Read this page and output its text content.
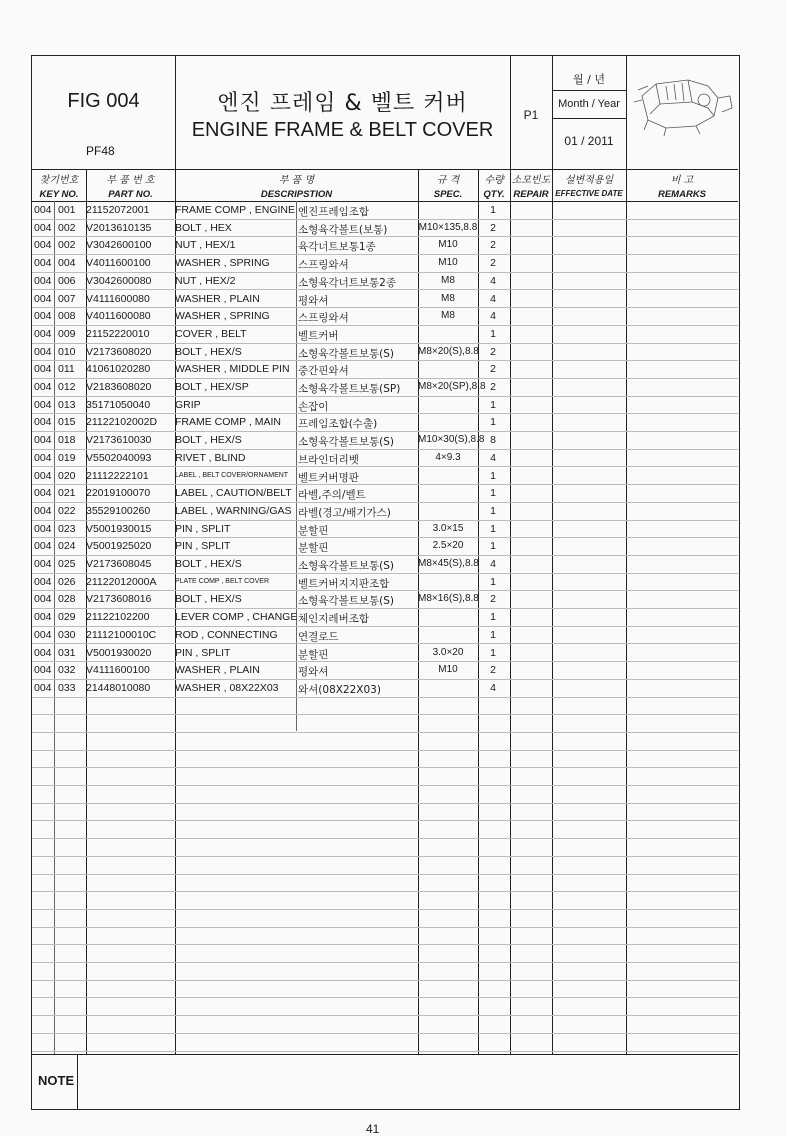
FIG 004
PF48
엔진 프레임 & 벨트 커버
ENGINE FRAME & BELT COVER
P1
월 / 년
Month / Year
01 / 2011
찾기번호
KEY NO.
부 품 번 호
PART NO.
부 품 명
DESCRIPSTION
규 격
SPEC.
수량
QTY.
소모빈도
REPAIR
설변적용일
EFFECTIVE DATE
비 고
REMARKS
004 001 21152072001 FRAME COMP , ENGINE 엔진프레임조합	1
004 002 V2013610135 BOLT , HEX	소형육각볼트(보통)	M10×135,8.8	2
004 002 V3042600100 NUT , HEX/1	육각너트보통1종	M10	2
004 004 V4011600100 WASHER , SPRING	스프링와셔	M10	2
004 006 V3042600080 NUT , HEX/2	소형육각너트보통2종	M8	4
004 007 V4111600080 WASHER , PLAIN	평와셔	M8	4
004 008 V4011600080 WASHER , SPRING	스프링와셔	M8	4
004 009 21152220010 COVER , BELT	벨트커버	1
004 010 V2173608020 BOLT , HEX/S	소형육각볼트보통(S) M8×20(S),8.8	2
004 011 41061020280 WASHER , MIDDLE PIN 중간핀와셔	2
004 012 V2183608020 BOLT , HEX/SP	소형육각볼트보통(SP) M8×20(SP),8.8 2
004 013 35171050040 GRIP	손잡이	1
004 015 21122102002D FRAME COMP , MAIN 프레임조합(수출)	1
004 018 V2173610030 BOLT , HEX/S	소형육각볼트보통(S) M10×30(S),8.8 8
004 019 V5502040093 RIVET , BLIND	브라인더리벳	4×9.3	4
004 020 21112222101	LABEL , BELT COVER/ORNAMENT 벨트커버명판	1
004 021 22019100070 LABEL , CAUTION/BELT 라벨,주의/벨트	1
004 022 35529100260 LABEL , WARNING/GAS 라벨(경고/배기가스)	1
004 023 V5001930015 PIN , SPLIT	분할핀	3.0×15	1
004 024 V5001925020 PIN , SPLIT	분할핀	2.5×20	1
004 025 V2173608045 BOLT , HEX/S	소형육각볼트보통(S) M8×45(S),8.8	4
004 026 21122012000A	PLATE COMP , BELT COVER	벨트커버지지판조합	1
004 028 V2173608016 BOLT , HEX/S	소형육각볼트보통(S) M8×16(S),8.8	2
004 029 21122102200 LEVER COMP , CHANGE 체인지레버조합	1
004 030 21112100010C ROD , CONNECTING 연결로드	1
004 031 V5001930020 PIN , SPLIT	분할핀	3.0×20	1
004 032 V4111600100 WASHER , PLAIN	평와셔	M10	2
004 033 21448010080 WASHER , 08X22X03 와셔(08X22X03)	4
NOTE
41
